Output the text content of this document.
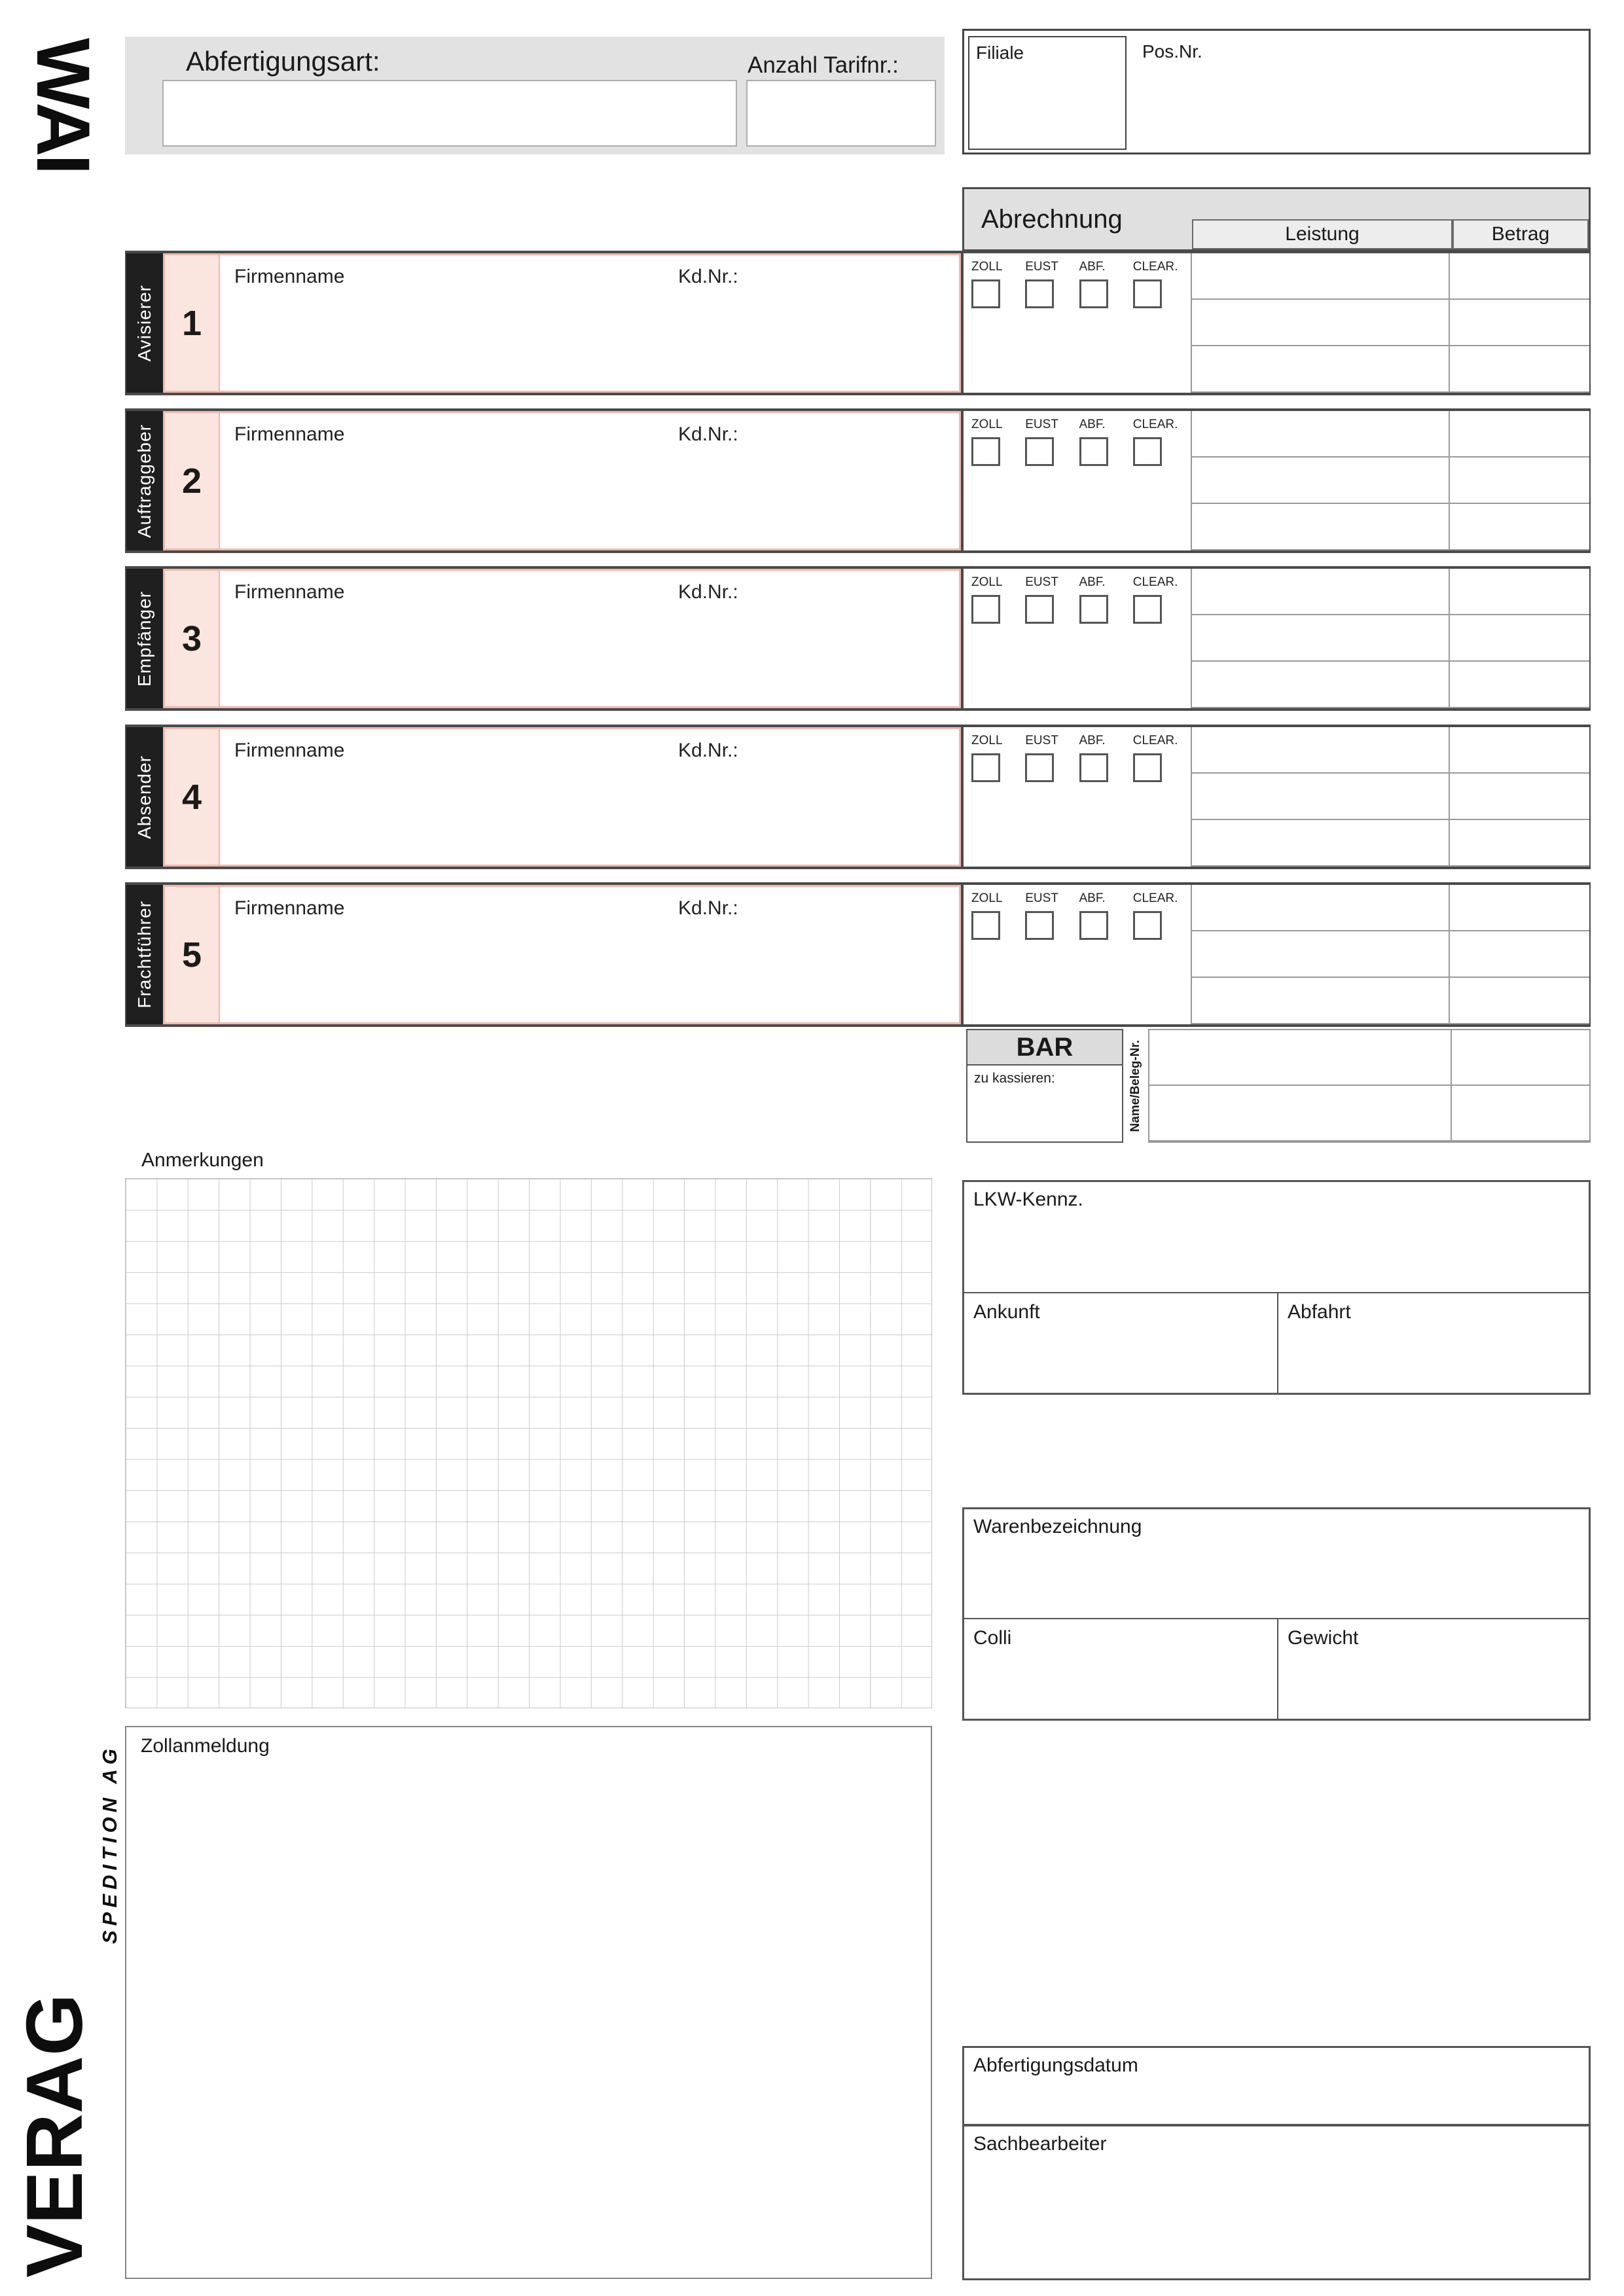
WAI
VERAG
SPEDITION AG
Abfertigungsart:	Anzahl Tarifnr.:	Filiale	Pos.Nr.
Abrechnung
Leistung	Betrag
Avisierer 1
Firmenname	Kd.Nr.:	ZOLL EUST ABF. CLEAR.
Auftraggeber 2
Firmenname	Kd.Nr.:	ZOLL EUST ABF. CLEAR.
Empfänger 3
Firmenname	Kd.Nr.:	ZOLL EUST ABF. CLEAR.
Absender 4
Firmenname	Kd.Nr.:	ZOLL EUST ABF. CLEAR.
Frachtführer 5
Firmenname	Kd.Nr.:	ZOLL EUST ABF. CLEAR.
BAR
zu kassieren:	Name/Beleg-Nr.
Anmerkungen
LKW-Kennz.
Ankunft	Abfahrt
Warenbezeichnung
Colli	Gewicht
Zollanmeldung
Abfertigungsdatum
Sachbearbeiter
